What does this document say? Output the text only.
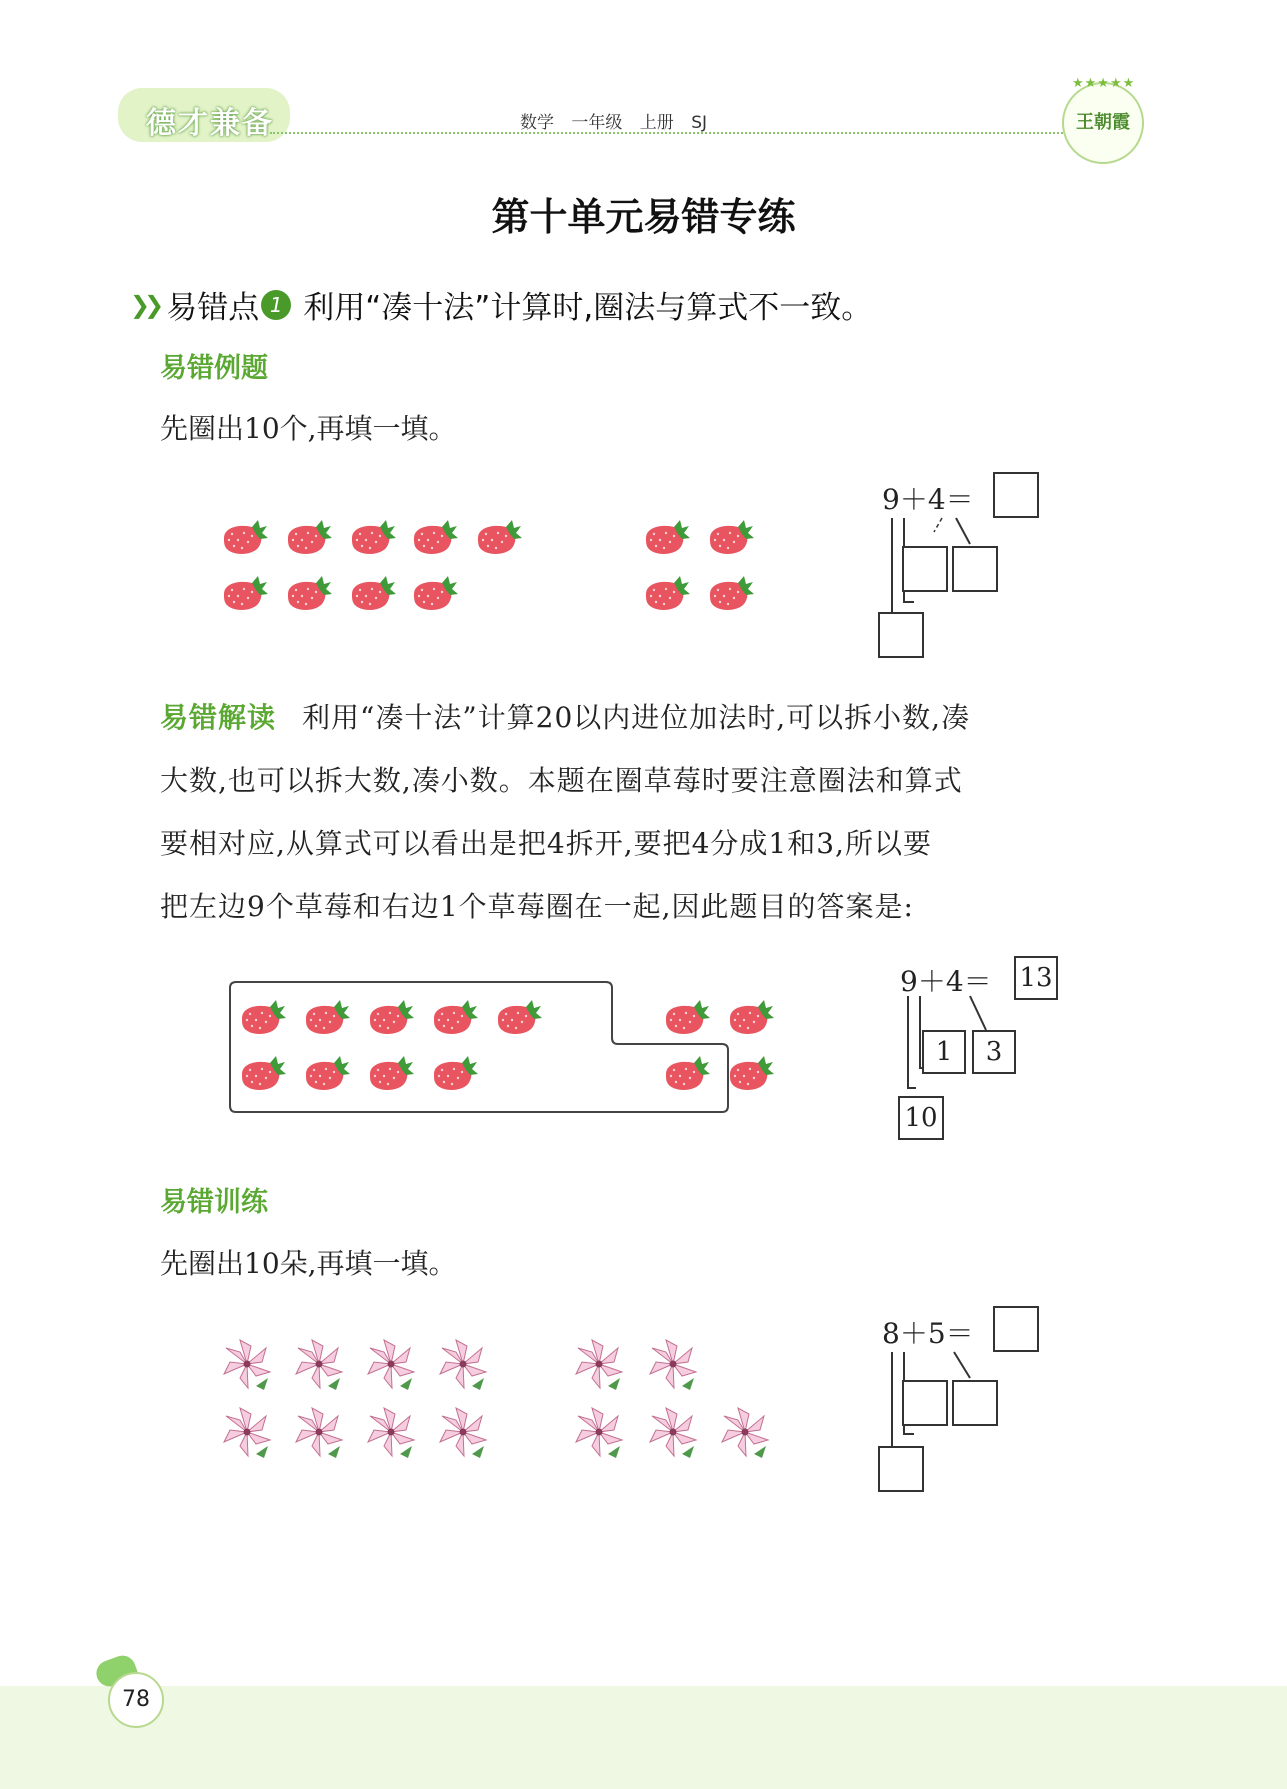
德才兼备	数学 一年级 上册 SJ
★★★★★
王朝霞
第十单元易错专练
❯❯ 易错点 1 利用“凑十法”计算时,圈法与算式不一致。
易错例题
先圈出10个,再填一填。
9＋4＝
易错解读 利用“凑十法”计算20以内进位加法时,可以拆小数,凑
大数,也可以拆大数,凑小数。本题在圈草莓时要注意圈法和算式
要相对应,从算式可以看出是把4拆开,要把4分成1和3,所以要
把左边9个草莓和右边1个草莓圈在一起,因此题目的答案是:
9＋4＝ 13
1	3
10
易错训练
先圈出10朵,再填一填。
8＋5＝
78
